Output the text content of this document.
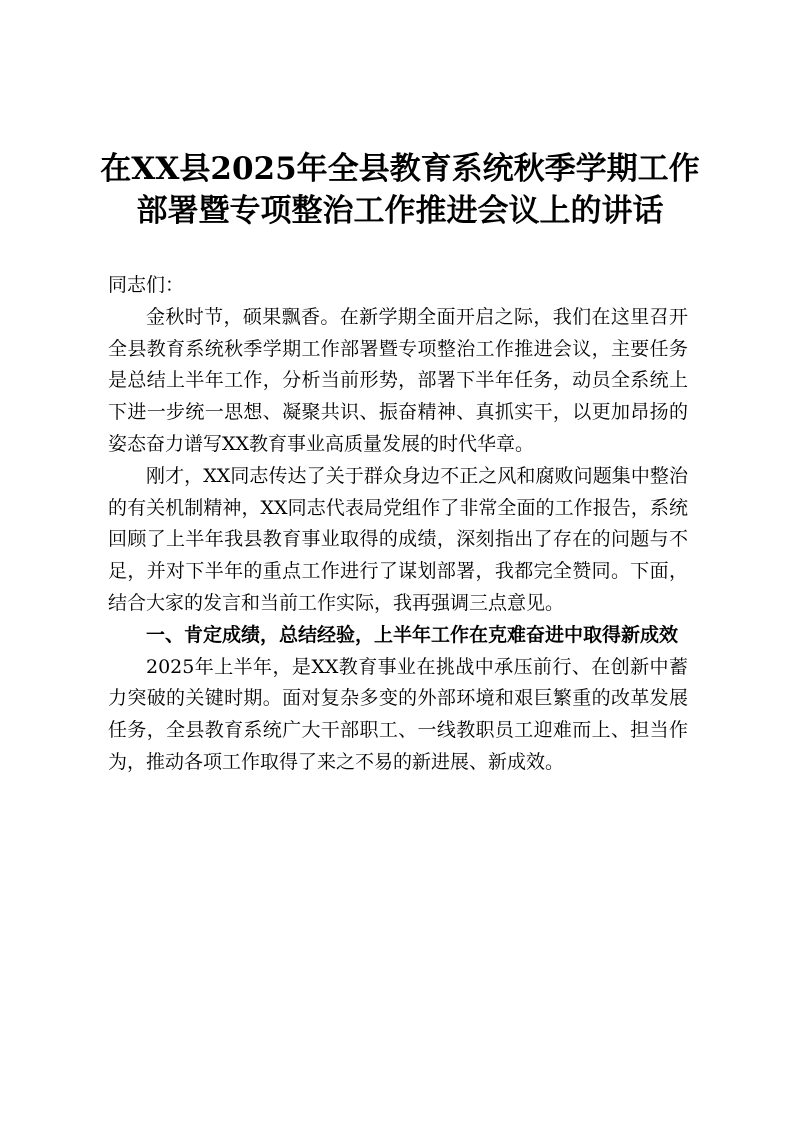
在XX县2025年全县教育系统秋季学期工作部署暨专项整治工作推进会议上的讲话

同志们：

金秋时节，硕果飘香。在新学期全面开启之际，我们在这里召开全县教育系统秋季学期工作部署暨专项整治工作推进会议，主要任务是总结上半年工作，分析当前形势，部署下半年任务，动员全系统上下进一步统一思想、凝聚共识、振奋精神、真抓实干，以更加昂扬的姿态奋力谱写XX教育事业高质量发展的时代华章。

刚才，XX同志传达了关于群众身边不正之风和腐败问题集中整治的有关机制精神，XX同志代表局党组作了非常全面的工作报告，系统回顾了上半年我县教育事业取得的成绩，深刻指出了存在的问题与不足，并对下半年的重点工作进行了谋划部署，我都完全赞同。下面，结合大家的发言和当前工作实际，我再强调三点意见。

一、肯定成绩，总结经验，上半年工作在克难奋进中取得新成效

2025年上半年，是XX教育事业在挑战中承压前行、在创新中蓄力突破的关键时期。面对复杂多变的外部环境和艰巨繁重的改革发展任务，全县教育系统广大干部职工、一线教职员工迎难而上、担当作为，推动各项工作取得了来之不易的新进展、新成效。
